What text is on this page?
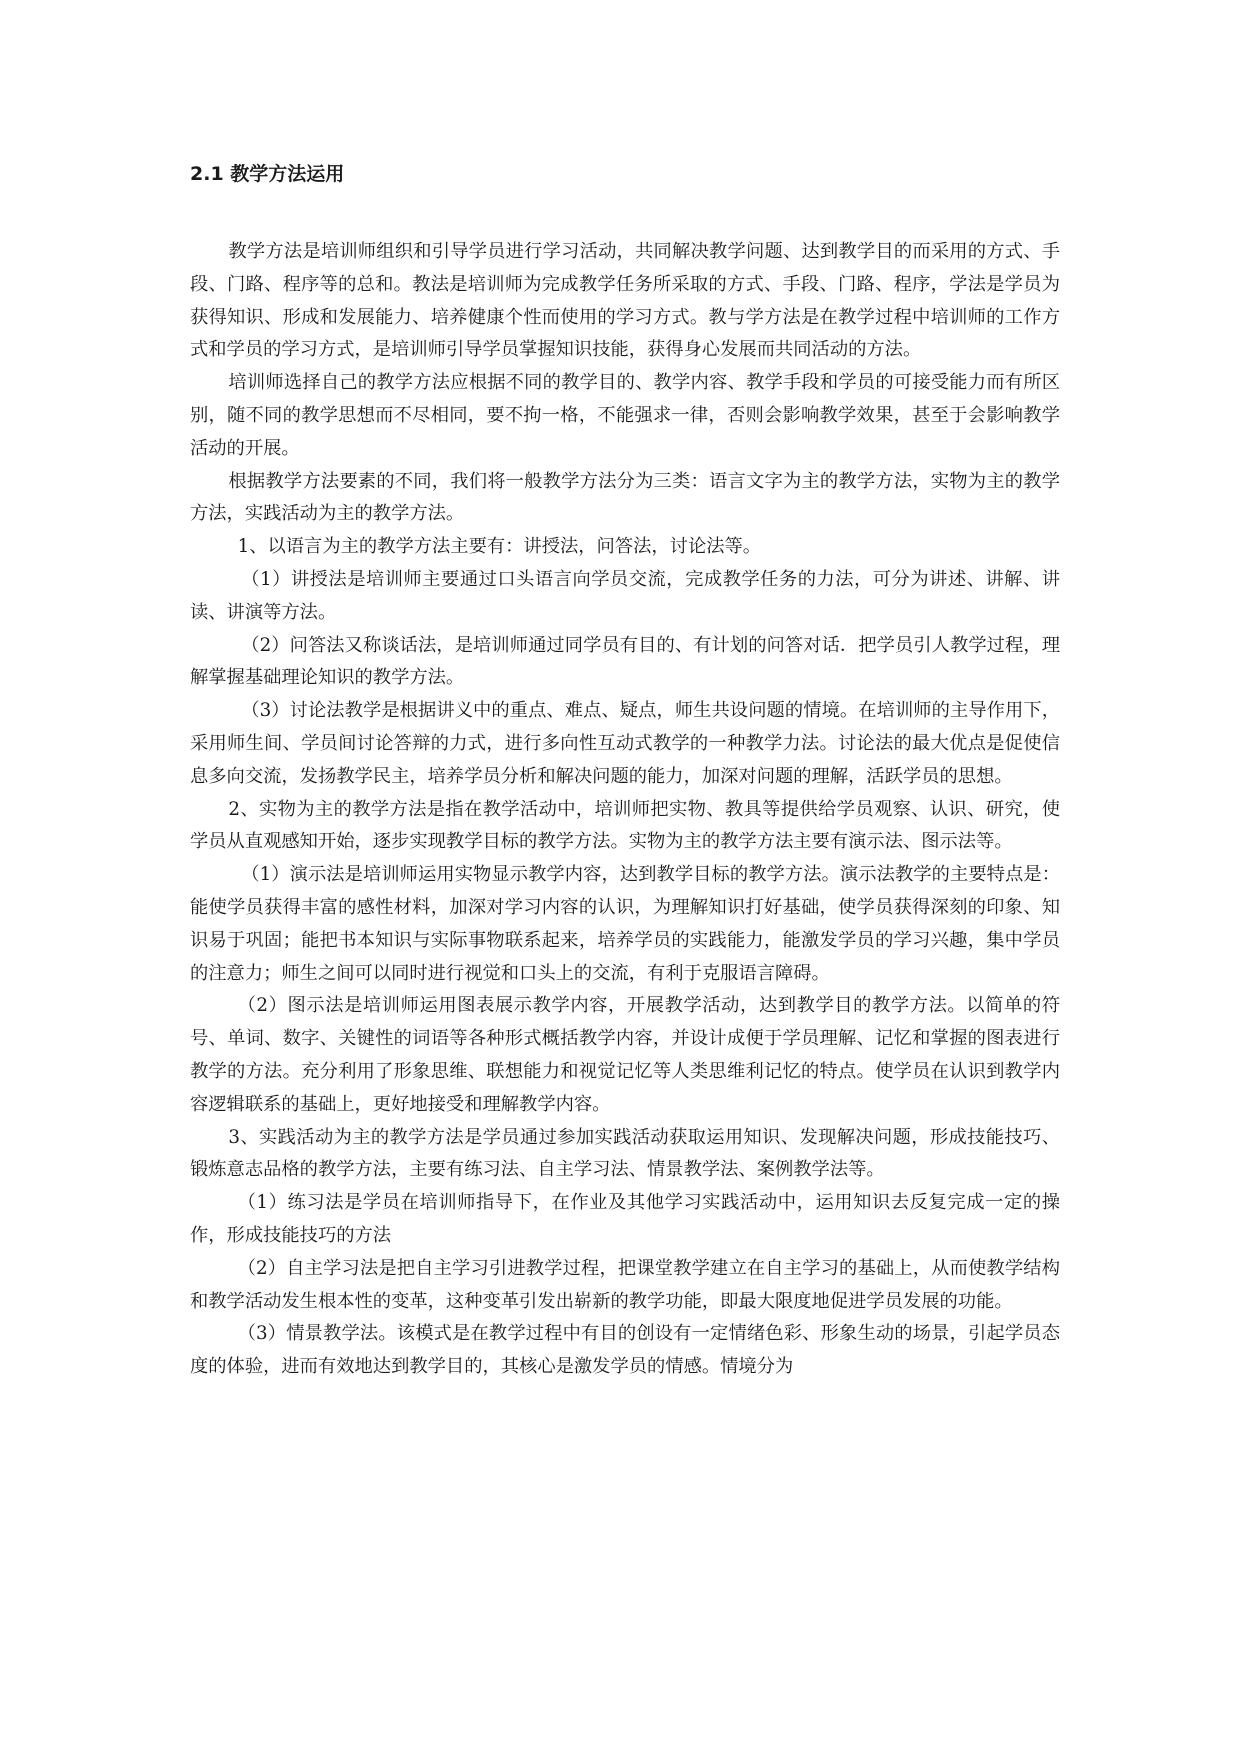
2.1 教学方法运用

教学方法是培训师组织和引导学员进行学习活动，共同解决教学问题、达到教学目的而采用的方式、手段、门路、程序等的总和。教法是培训师为完成教学任务所采取的方式、手段、门路、程序，学法是学员为获得知识、形成和发展能力、培养健康个性而使用的学习方式。教与学方法是在教学过程中培训师的工作方式和学员的学习方式，是培训师引导学员掌握知识技能，获得身心发展而共同活动的方法。

培训师选择自己的教学方法应根据不同的教学目的、教学内容、教学手段和学员的可接受能力而有所区别，随不同的教学思想而不尽相同，要不拘一格，不能强求一律，否则会影响教学效果，甚至于会影响教学活动的开展。

根据教学方法要素的不同，我们将一般教学方法分为三类：语言文字为主的教学方法，实物为主的教学方法，实践活动为主的教学方法。

1、以语言为主的教学方法主要有：讲授法，问答法，讨论法等。

（1）讲授法是培训师主要通过口头语言向学员交流，完成教学任务的力法，可分为讲述、讲解、讲读、讲演等方法。

（2）问答法又称谈话法，是培训师通过同学员有目的、有计划的问答对话．把学员引人教学过程，理解掌握基础理论知识的教学方法。

（3）讨论法教学是根据讲义中的重点、难点、疑点，师生共设问题的情境。在培训师的主导作用下，采用师生间、学员间讨论答辩的力式，进行多向性互动式教学的一种教学力法。讨论法的最大优点是促使信息多向交流，发扬教学民主，培养学员分析和解决问题的能力，加深对问题的理解，活跃学员的思想。

2、实物为主的教学方法是指在教学活动中，培训师把实物、教具等提供给学员观察、认识、研究，使学员从直观感知开始，逐步实现教学目标的教学方法。实物为主的教学方法主要有演示法、图示法等。

（1）演示法是培训师运用实物显示教学内容，达到教学目标的教学方法。演示法教学的主要特点是：能使学员获得丰富的感性材料，加深对学习内容的认识，为理解知识打好基础，使学员获得深刻的印象、知识易于巩固；能把书本知识与实际事物联系起来，培养学员的实践能力，能激发学员的学习兴趣，集中学员的注意力；师生之间可以同时进行视觉和口头上的交流，有利于克服语言障碍。

（2）图示法是培训师运用图表展示教学内容，开展教学活动，达到教学目的教学方法。以简单的符号、单词、数字、关键性的词语等各种形式概括教学内容，并设计成便于学员理解、记忆和掌握的图表进行教学的方法。充分利用了形象思维、联想能力和视觉记忆等人类思维利记忆的特点。使学员在认识到教学内容逻辑联系的基础上，更好地接受和理解教学内容。

3、实践活动为主的教学方法是学员通过参加实践活动获取运用知识、发现解决问题，形成技能技巧、锻炼意志品格的教学方法，主要有练习法、自主学习法、情景教学法、案例教学法等。

（1）练习法是学员在培训师指导下，在作业及其他学习实践活动中，运用知识去反复完成一定的操作，形成技能技巧的方法

（2）自主学习法是把自主学习引进教学过程，把课堂教学建立在自主学习的基础上，从而使教学结构和教学活动发生根本性的变革，这种变革引发出崭新的教学功能，即最大限度地促进学员发展的功能。

（3）情景教学法。该模式是在教学过程中有目的创设有一定情绪色彩、形象生动的场景，引起学员态度的体验，进而有效地达到教学目的，其核心是激发学员的情感。情境分为
